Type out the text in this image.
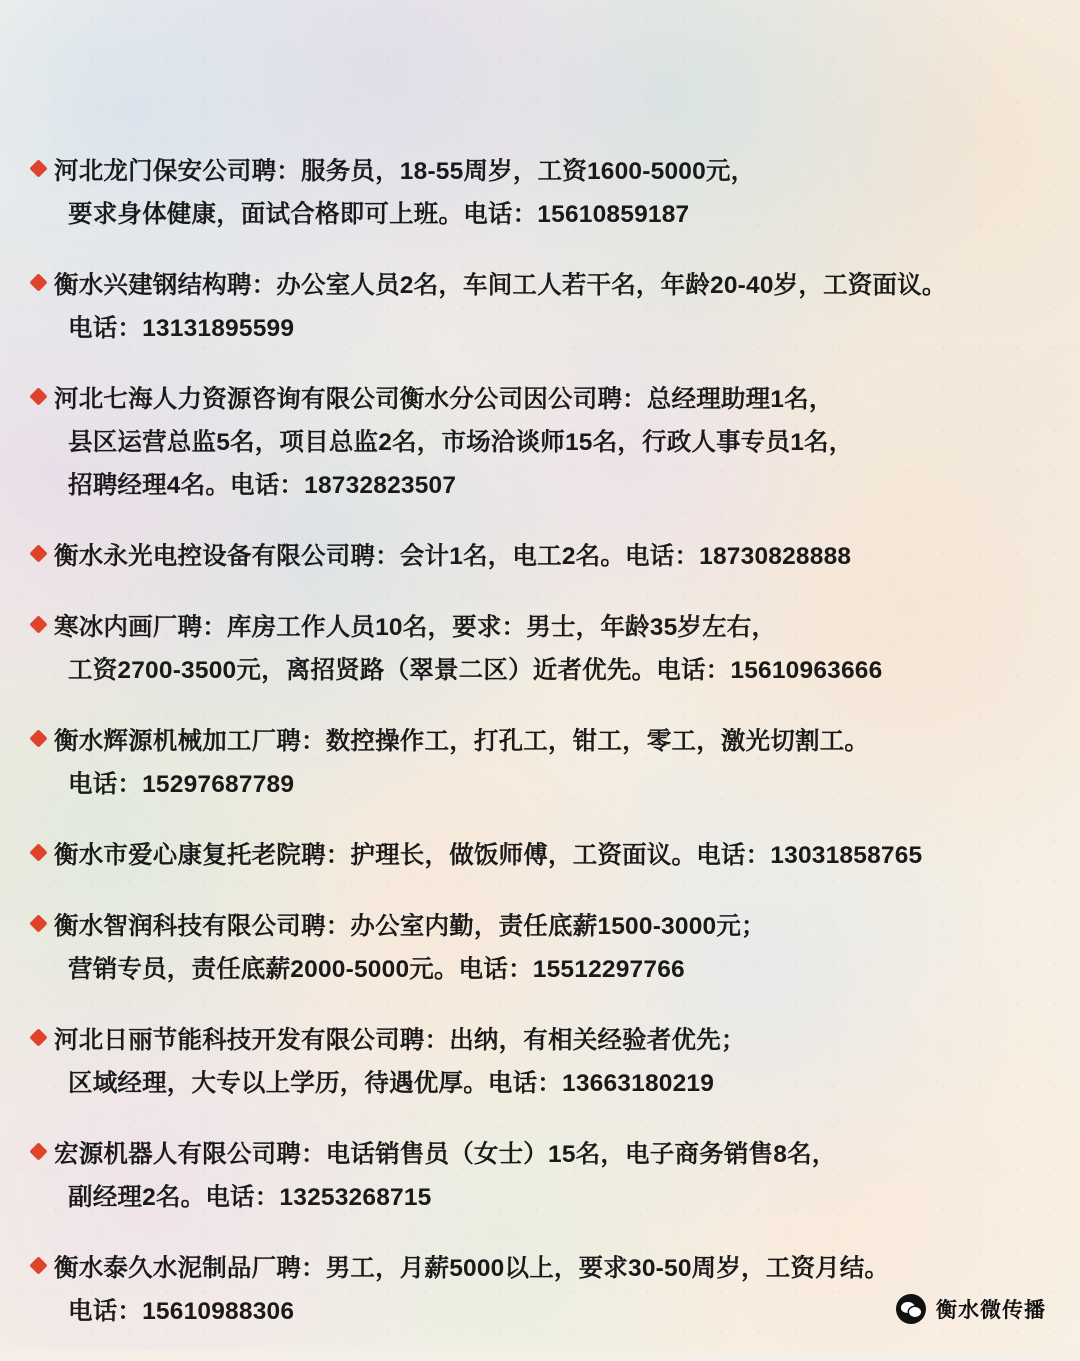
河北龙门保安公司聘：服务员，18-55周岁，工资1600-5000元，
要求身体健康，面试合格即可上班。电话：15610859187
衡水兴建钢结构聘：办公室人员2名，车间工人若干名，年龄20-40岁，工资面议。
电话：13131895599
河北七海人力资源咨询有限公司衡水分公司因公司聘：总经理助理1名，
县区运营总监5名，项目总监2名，市场洽谈师15名，行政人事专员1名，
招聘经理4名。电话：18732823507
衡水永光电控设备有限公司聘：会计1名，电工2名。电话：18730828888
寒冰内画厂聘：库房工作人员10名，要求：男士，年龄35岁左右，
工资2700-3500元，离招贤路（翠景二区）近者优先。电话：15610963666
衡水辉源机械加工厂聘：数控操作工，打孔工，钳工，零工，激光切割工。
电话：15297687789
衡水市爱心康复托老院聘：护理长，做饭师傅，工资面议。电话：13031858765
衡水智润科技有限公司聘：办公室内勤，责任底薪1500-3000元；
营销专员，责任底薪2000-5000元。电话：15512297766
河北日丽节能科技开发有限公司聘：出纳，有相关经验者优先；
区域经理，大专以上学历，待遇优厚。电话：13663180219
宏源机器人有限公司聘：电话销售员（女士）15名，电子商务销售8名，
副经理2名。电话：13253268715
衡水泰久水泥制品厂聘：男工，月薪5000以上，要求30-50周岁，工资月结。
电话：15610988306	衡水微传播
